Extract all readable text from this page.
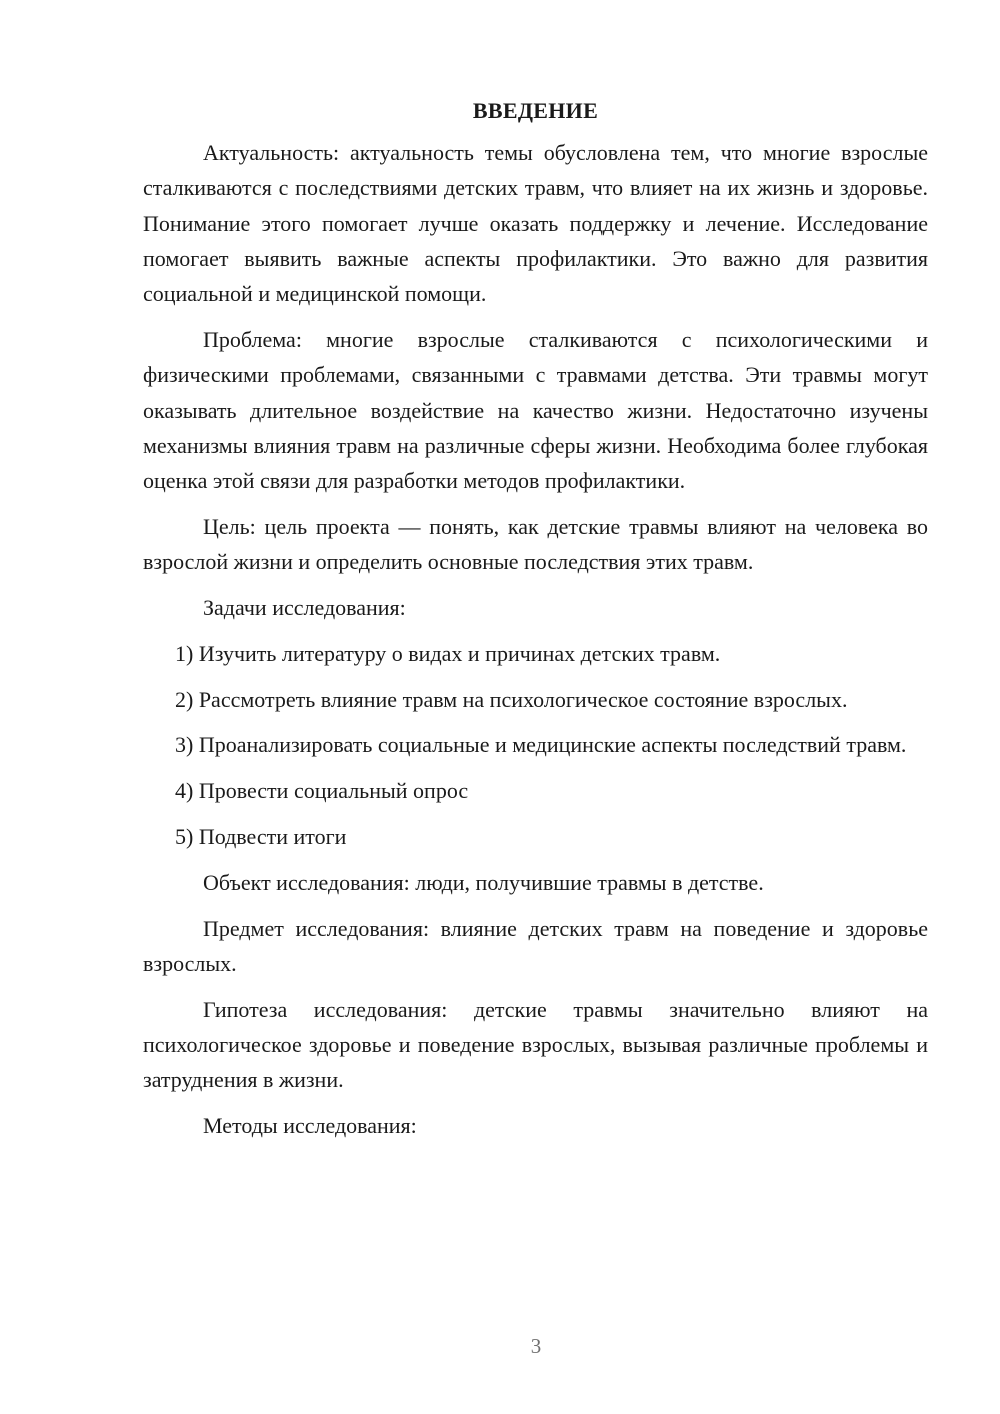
ВВЕДЕНИЕ

Актуальность: актуальность темы обусловлена тем, что многие взрослые сталкиваются с последствиями детских травм, что влияет на их жизнь и здоровье. Понимание этого помогает лучше оказать поддержку и лечение. Исследование помогает выявить важные аспекты профилактики. Это важно для развития социальной и медицинской помощи.

Проблема: многие взрослые сталкиваются с психологическими и физическими проблемами, связанными с травмами детства. Эти травмы могут оказывать длительное воздействие на качество жизни. Недостаточно изучены механизмы влияния травм на различные сферы жизни. Необходима более глубокая оценка этой связи для разработки методов профилактики.

Цель: цель проекта — понять, как детские травмы влияют на человека во взрослой жизни и определить основные последствия этих травм.

Задачи исследования:

1) Изучить литературу о видах и причинах детских травм.

2) Рассмотреть влияние травм на психологическое состояние взрослых.

3) Проанализировать социальные и медицинские аспекты последствий травм.

4) Провести социальный опрос

5) Подвести итоги

Объект исследования: люди, получившие травмы в детстве.

Предмет исследования: влияние детских травм на поведение и здоровье взрослых.

Гипотеза исследования: детские травмы значительно влияют на психологическое здоровье и поведение взрослых, вызывая различные проблемы и затруднения в жизни.

Методы исследования:

3
